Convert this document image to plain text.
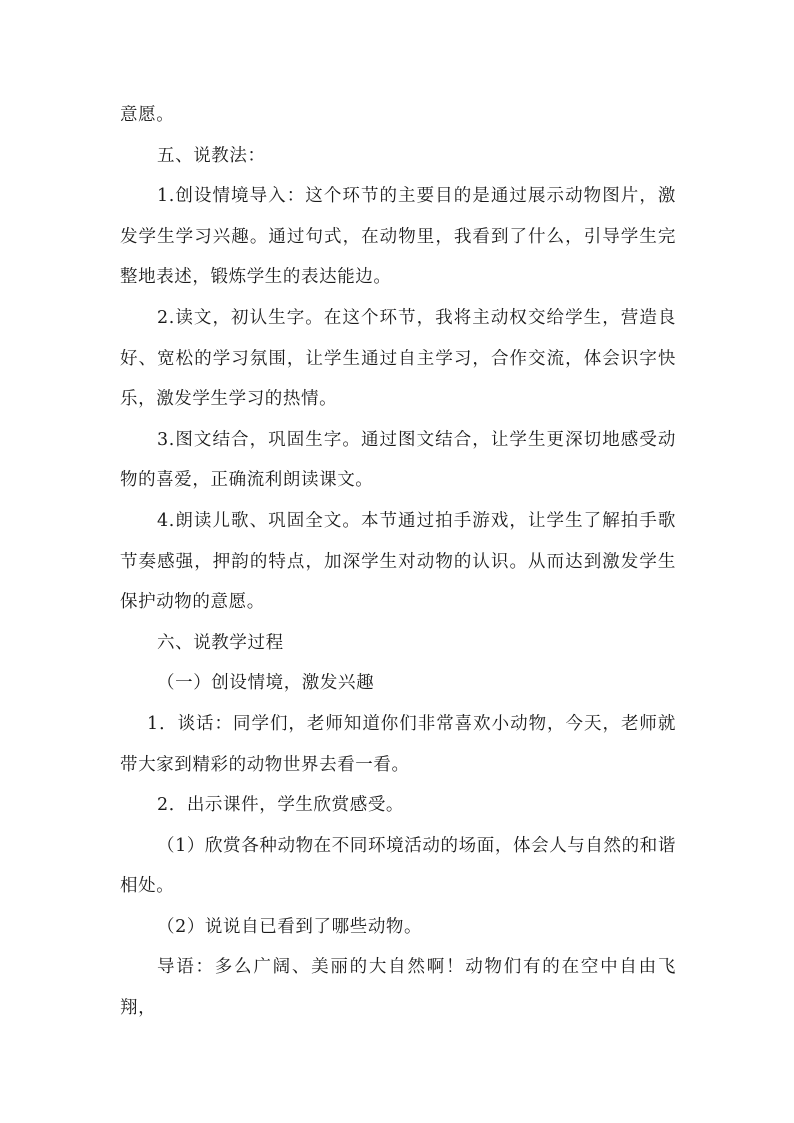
意愿。

五、说教法：

1.创设情境导入：这个环节的主要目的是通过展示动物图片，激发学生学习兴趣。通过句式，在动物里，我看到了什么，引导学生完整地表述，锻炼学生的表达能边。

2.读文，初认生字。在这个环节，我将主动权交给学生，营造良好、宽松的学习氛围，让学生通过自主学习，合作交流，体会识字快乐，激发学生学习的热情。

3.图文结合，巩固生字。通过图文结合，让学生更深切地感受动物的喜爱，正确流利朗读课文。

4.朗读儿歌、巩固全文。本节通过拍手游戏，让学生了解拍手歌节奏感强，押韵的特点，加深学生对动物的认识。从而达到激发学生保护动物的意愿。

六、说教学过程

（一）创设情境，激发兴趣

1．谈话：同学们，老师知道你们非常喜欢小动物，今天，老师就带大家到精彩的动物世界去看一看。

2．出示课件，学生欣赏感受。

（1）欣赏各种动物在不同环境活动的场面，体会人与自然的和谐相处。

（2）说说自已看到了哪些动物。

导语：多么广阔、美丽的大自然啊！动物们有的在空中自由飞翔，
